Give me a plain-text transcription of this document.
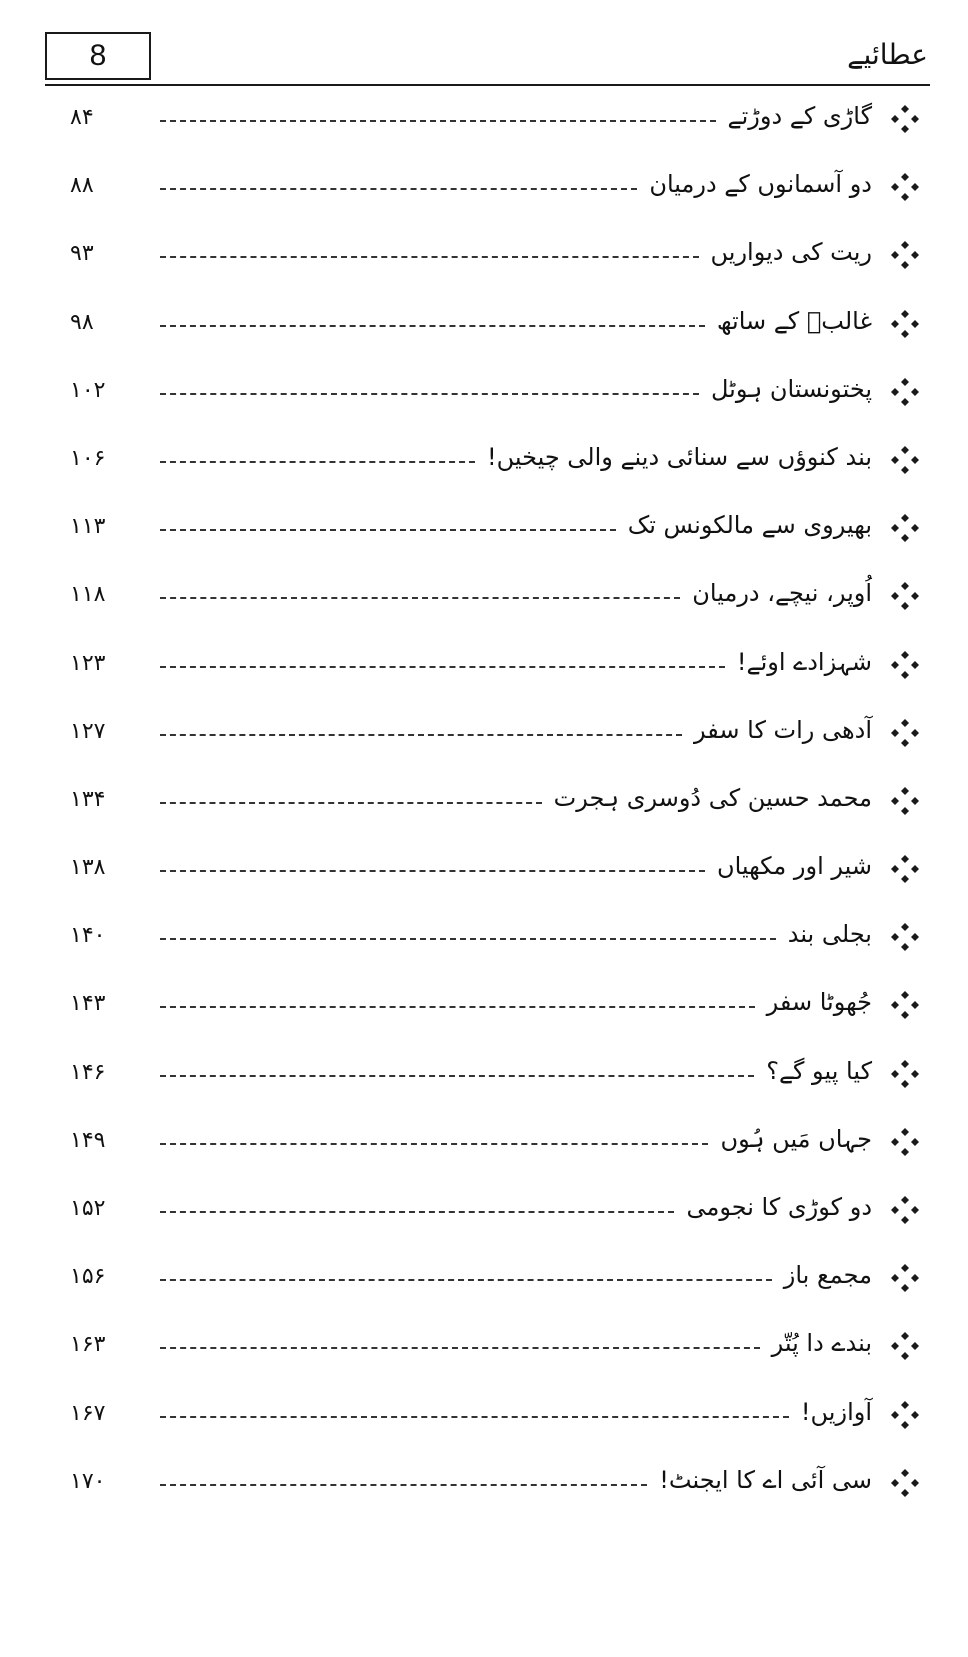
8	عطائیے
۸۴	گاڑی کے دوڑتے
۸۸	دو آسمانوں کے درمیان
۹۳	ریت کی دیواریں
۹۸	غالبؔ کے ساتھ
۱۰۲	پختونستان ہوٹل
۱۰۶	بند کنوؤں سے سنائی دینے والی چیخیں!
۱۱۳	بھیروی سے مالکونس تک
۱۱۸	اُوپر، نیچے، درمیان
۱۲۳	شہزادے اوئے!
۱۲۷	آدھی رات کا سفر
۱۳۴	محمد حسین کی دُوسری ہجرت
۱۳۸	شیر اور مکھیاں
۱۴۰	بجلی بند
۱۴۳	جُھوٹا سفر
۱۴۶	کیا پیو گے؟
۱۴۹	جہاں مَیں ہُوں
۱۵۲	دو کوڑی کا نجومی
۱۵۶	مجمع باز
۱۶۳	بندے دا پُتّر
۱۶۷	آوازیں!
۱۷۰	سی آئی اے کا ایجنٹ!
